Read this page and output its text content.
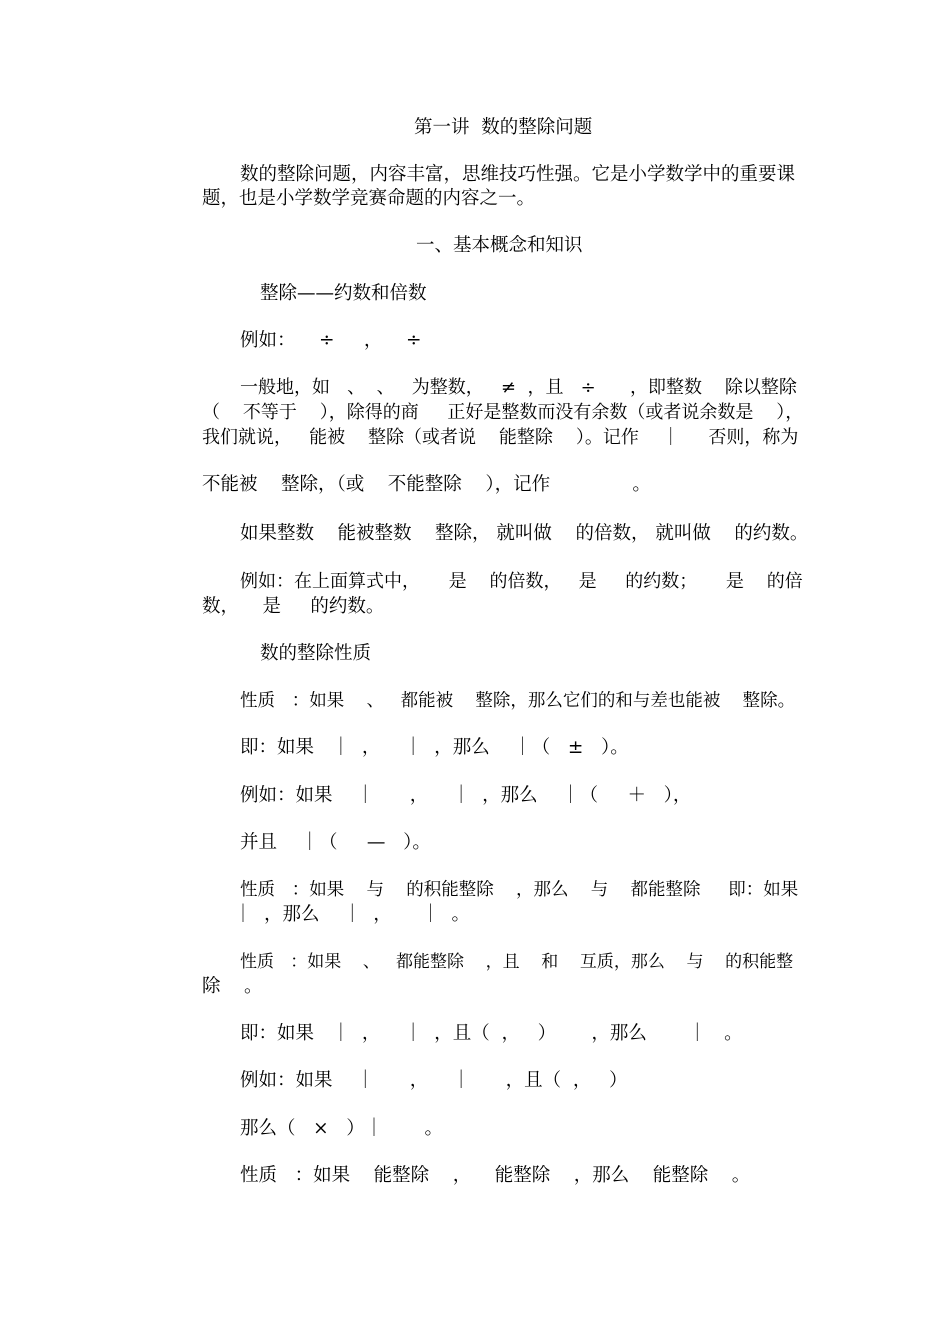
第一讲  数的整除问题
数的整除问题，内容丰富，思维技巧性强。它是小学数学中的重要课
题，也是小学数学竞赛命题的内容之一。
一、基本概念和知识
整除——约数和倍数
例如：    ÷     ，    ÷
一般地，如   、  、   为整数，   ≠  ，且   ÷      ，即整数    除以整除
（    不等于    ），除得的商     正好是整数而没有余数（或者说余数是    ），
我们就说，   能被    整除（或者说    能整除    ）。记作    ｜     否则，称为
不能被    整除，（或    不能整除    ），记作              。
如果整数    能被整数    整除， 就叫做    的倍数， 就叫做    的约数。
例如：在上面算式中，     是    的倍数，   是     的约数；     是    的倍
数，    是     的约数。
数的整除性质
性质   ：如果    、   都能被    整除，那么它们的和与差也能被    整除。
即：如果   ｜  ，    ｜  ，那么    ｜（   ±   ）。
例如：如果    ｜      ，    ｜  ，那么    ｜（     ＋   ），
并且    ｜（     —   ）。
性质   ：如果    与    的积能整除    ，那么    与    都能整除     即：如果
｜  ，那么    ｜  ，     ｜  。
性质   ：如果    、   都能整除    ，且    和    互质，那么    与    的积能整
除    。
即：如果   ｜  ，    ｜  ，且（  ，   ）      ，那么       ｜   。
例如：如果    ｜      ，    ｜      ，且（  ，   ）
那么（   ×   ）｜       。
性质   ：如果    能整除    ，    能整除    ，那么    能整除    。
